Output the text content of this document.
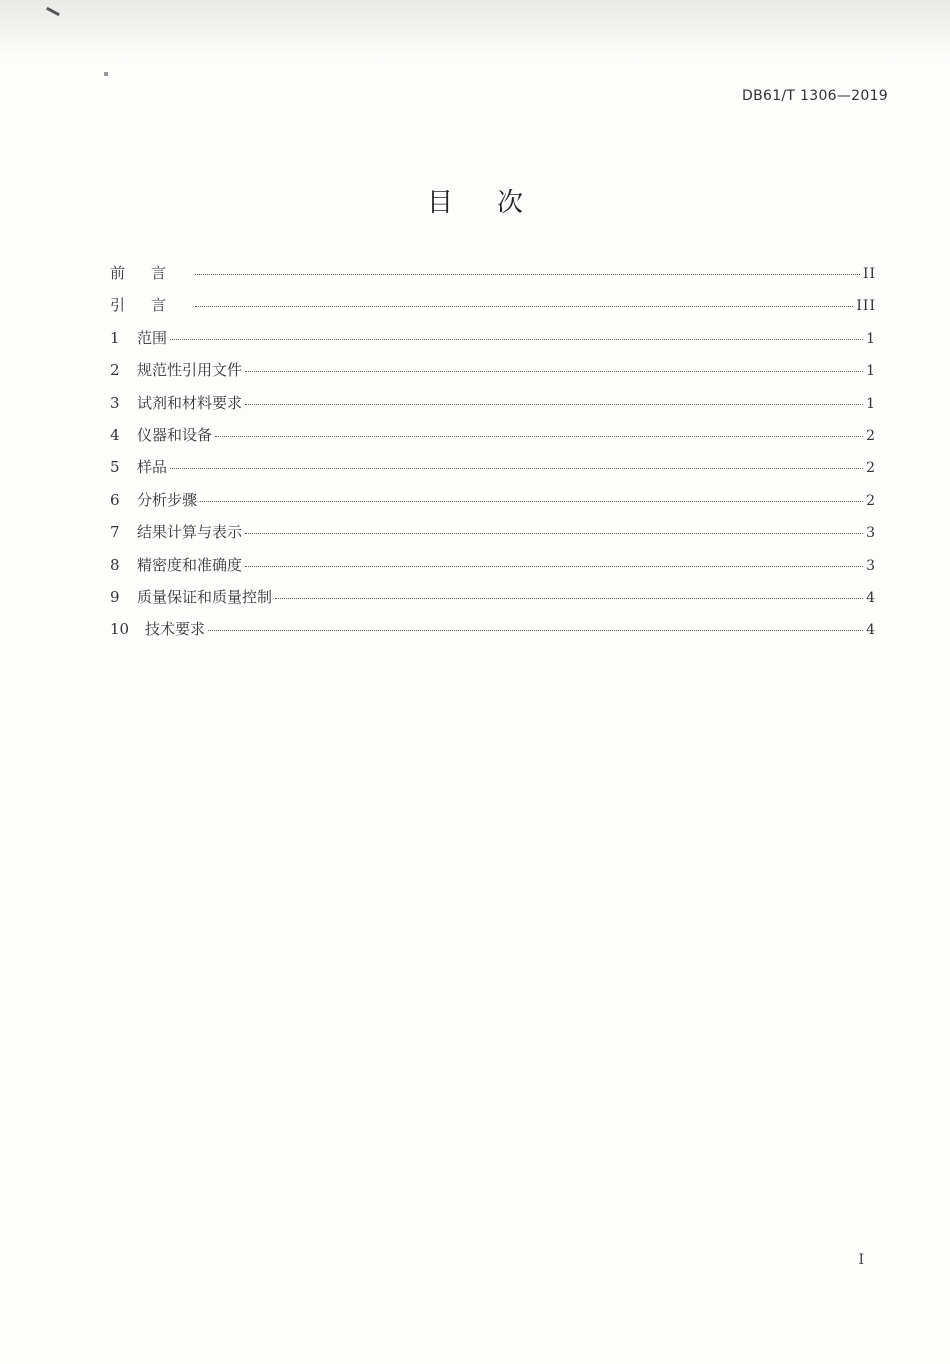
DB61/T 1306—2019
目次
前言	II
引言	III
1	范围	1
2	规范性引用文件	1
3	试剂和材料要求	1
4	仪器和设备	2
5	样品	2
6	分析步骤	2
7	结果计算与表示	3
8	精密度和准确度	3
9	质量保证和质量控制	4
10	技术要求	4
I
